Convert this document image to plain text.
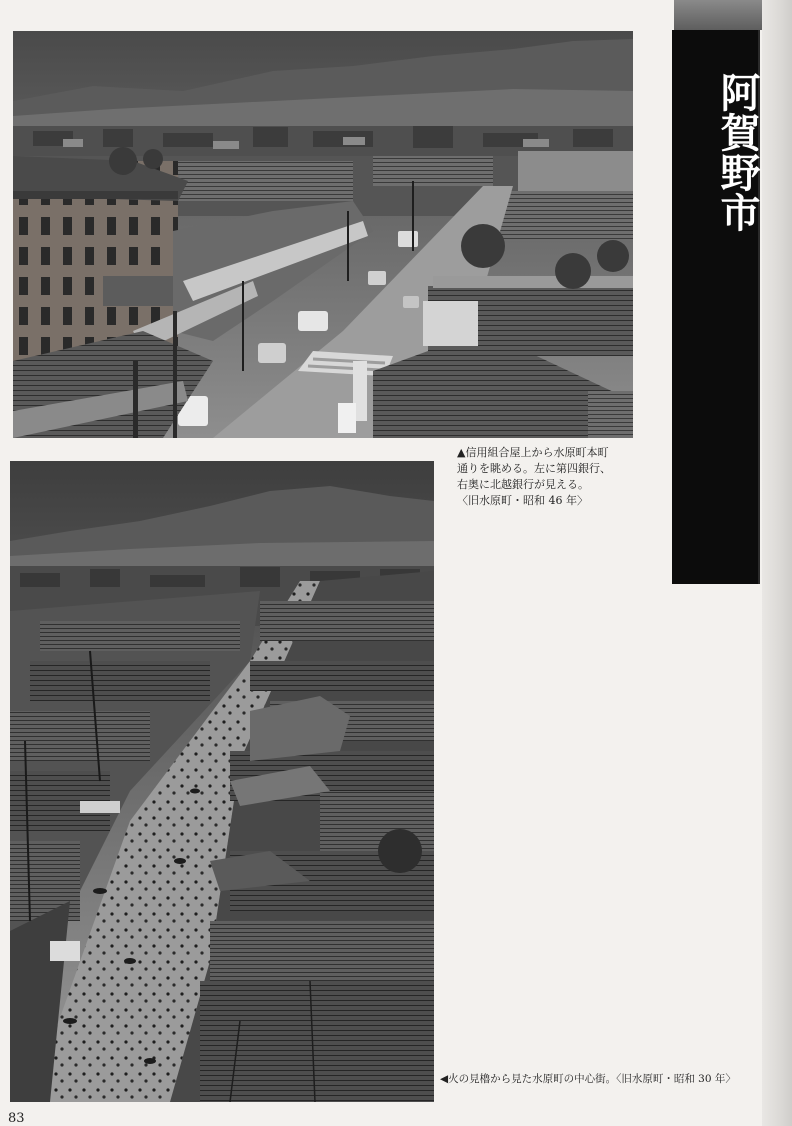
阿賀野市

▲信用組合屋上から水原町本町

通りを眺める。左に第四銀行、

右奥に北越銀行が見える。

〈旧水原町・昭和 46 年〉

◀火の見櫓から見た水原町の中心街。〈旧水原町・昭和 30 年〉
83
